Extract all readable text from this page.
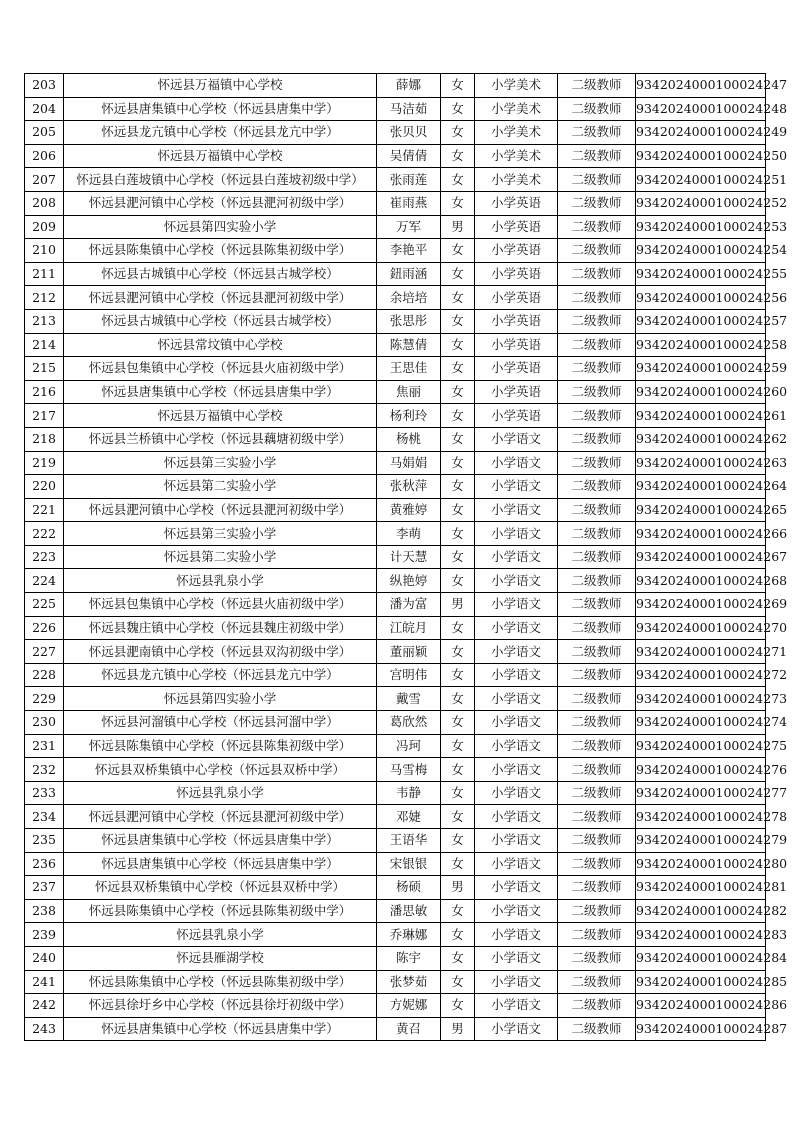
203	怀远县万福镇中心学校	薛娜	女	小学美术	二级教师	9342024000100024247
204	怀远县唐集镇中心学校（怀远县唐集中学）	马洁茹	女	小学美术	二级教师	9342024000100024248
205	怀远县龙亢镇中心学校（怀远县龙亢中学）	张贝贝	女	小学美术	二级教师	9342024000100024249
206	怀远县万福镇中心学校	吴倩倩	女	小学美术	二级教师	9342024000100024250
207	怀远县白莲坡镇中心学校（怀远县白莲坡初级中学）	张雨莲	女	小学美术	二级教师	9342024000100024251
208	怀远县淝河镇中心学校（怀远县淝河初级中学）	崔雨燕	女	小学英语	二级教师	9342024000100024252
209	怀远县第四实验小学	万军	男	小学英语	二级教师	9342024000100024253
210	怀远县陈集镇中心学校（怀远县陈集初级中学）	李艳平	女	小学英语	二级教师	9342024000100024254
211	怀远县古城镇中心学校（怀远县古城学校）	鈕雨涵	女	小学英语	二级教师	9342024000100024255
212	怀远县淝河镇中心学校（怀远县淝河初级中学）	余培培	女	小学英语	二级教师	9342024000100024256
213	怀远县古城镇中心学校（怀远县古城学校）	张思彤	女	小学英语	二级教师	9342024000100024257
214	怀远县常坟镇中心学校	陈慧倩	女	小学英语	二级教师	9342024000100024258
215	怀远县包集镇中心学校（怀远县火庙初级中学）	王思佳	女	小学英语	二级教师	9342024000100024259
216	怀远县唐集镇中心学校（怀远县唐集中学）	焦丽	女	小学英语	二级教师	9342024000100024260
217	怀远县万福镇中心学校	杨利玲	女	小学英语	二级教师	9342024000100024261
218	怀远县兰桥镇中心学校（怀远县藕塘初级中学）	杨桃	女	小学语文	二级教师	9342024000100024262
219	怀远县第三实验小学	马娟娟	女	小学语文	二级教师	9342024000100024263
220	怀远县第二实验小学	张秋萍	女	小学语文	二级教师	9342024000100024264
221	怀远县淝河镇中心学校（怀远县淝河初级中学）	黄雅婷	女	小学语文	二级教师	9342024000100024265
222	怀远县第三实验小学	李萌	女	小学语文	二级教师	9342024000100024266
223	怀远县第二实验小学	计天慧	女	小学语文	二级教师	9342024000100024267
224	怀远县乳泉小学	纵艳婷	女	小学语文	二级教师	9342024000100024268
225	怀远县包集镇中心学校（怀远县火庙初级中学）	潘为富	男	小学语文	二级教师	9342024000100024269
226	怀远县魏庄镇中心学校（怀远县魏庄初级中学）	江皖月	女	小学语文	二级教师	9342024000100024270
227	怀远县淝南镇中心学校（怀远县双沟初级中学）	董丽颖	女	小学语文	二级教师	9342024000100024271
228	怀远县龙亢镇中心学校（怀远县龙亢中学）	宫明伟	女	小学语文	二级教师	9342024000100024272
229	怀远县第四实验小学	戴雪	女	小学语文	二级教师	9342024000100024273
230	怀远县河溜镇中心学校（怀远县河溜中学）	葛欣然	女	小学语文	二级教师	9342024000100024274
231	怀远县陈集镇中心学校（怀远县陈集初级中学）	冯珂	女	小学语文	二级教师	9342024000100024275
232	怀远县双桥集镇中心学校（怀远县双桥中学）	马雪梅	女	小学语文	二级教师	9342024000100024276
233	怀远县乳泉小学	韦静	女	小学语文	二级教师	9342024000100024277
234	怀远县淝河镇中心学校（怀远县淝河初级中学）	邓婕	女	小学语文	二级教师	9342024000100024278
235	怀远县唐集镇中心学校（怀远县唐集中学）	王语华	女	小学语文	二级教师	9342024000100024279
236	怀远县唐集镇中心学校（怀远县唐集中学）	宋银银	女	小学语文	二级教师	9342024000100024280
237	怀远县双桥集镇中心学校（怀远县双桥中学）	杨硕	男	小学语文	二级教师	9342024000100024281
238	怀远县陈集镇中心学校（怀远县陈集初级中学）	潘思敏	女	小学语文	二级教师	9342024000100024282
239	怀远县乳泉小学	乔琳娜	女	小学语文	二级教师	9342024000100024283
240	怀远县雁湖学校	陈宇	女	小学语文	二级教师	9342024000100024284
241	怀远县陈集镇中心学校（怀远县陈集初级中学）	张梦茹	女	小学语文	二级教师	9342024000100024285
242	怀远县徐圩乡中心学校（怀远县徐圩初级中学）	方妮娜	女	小学语文	二级教师	9342024000100024286
243	怀远县唐集镇中心学校（怀远县唐集中学）	黄召	男	小学语文	二级教师	9342024000100024287
